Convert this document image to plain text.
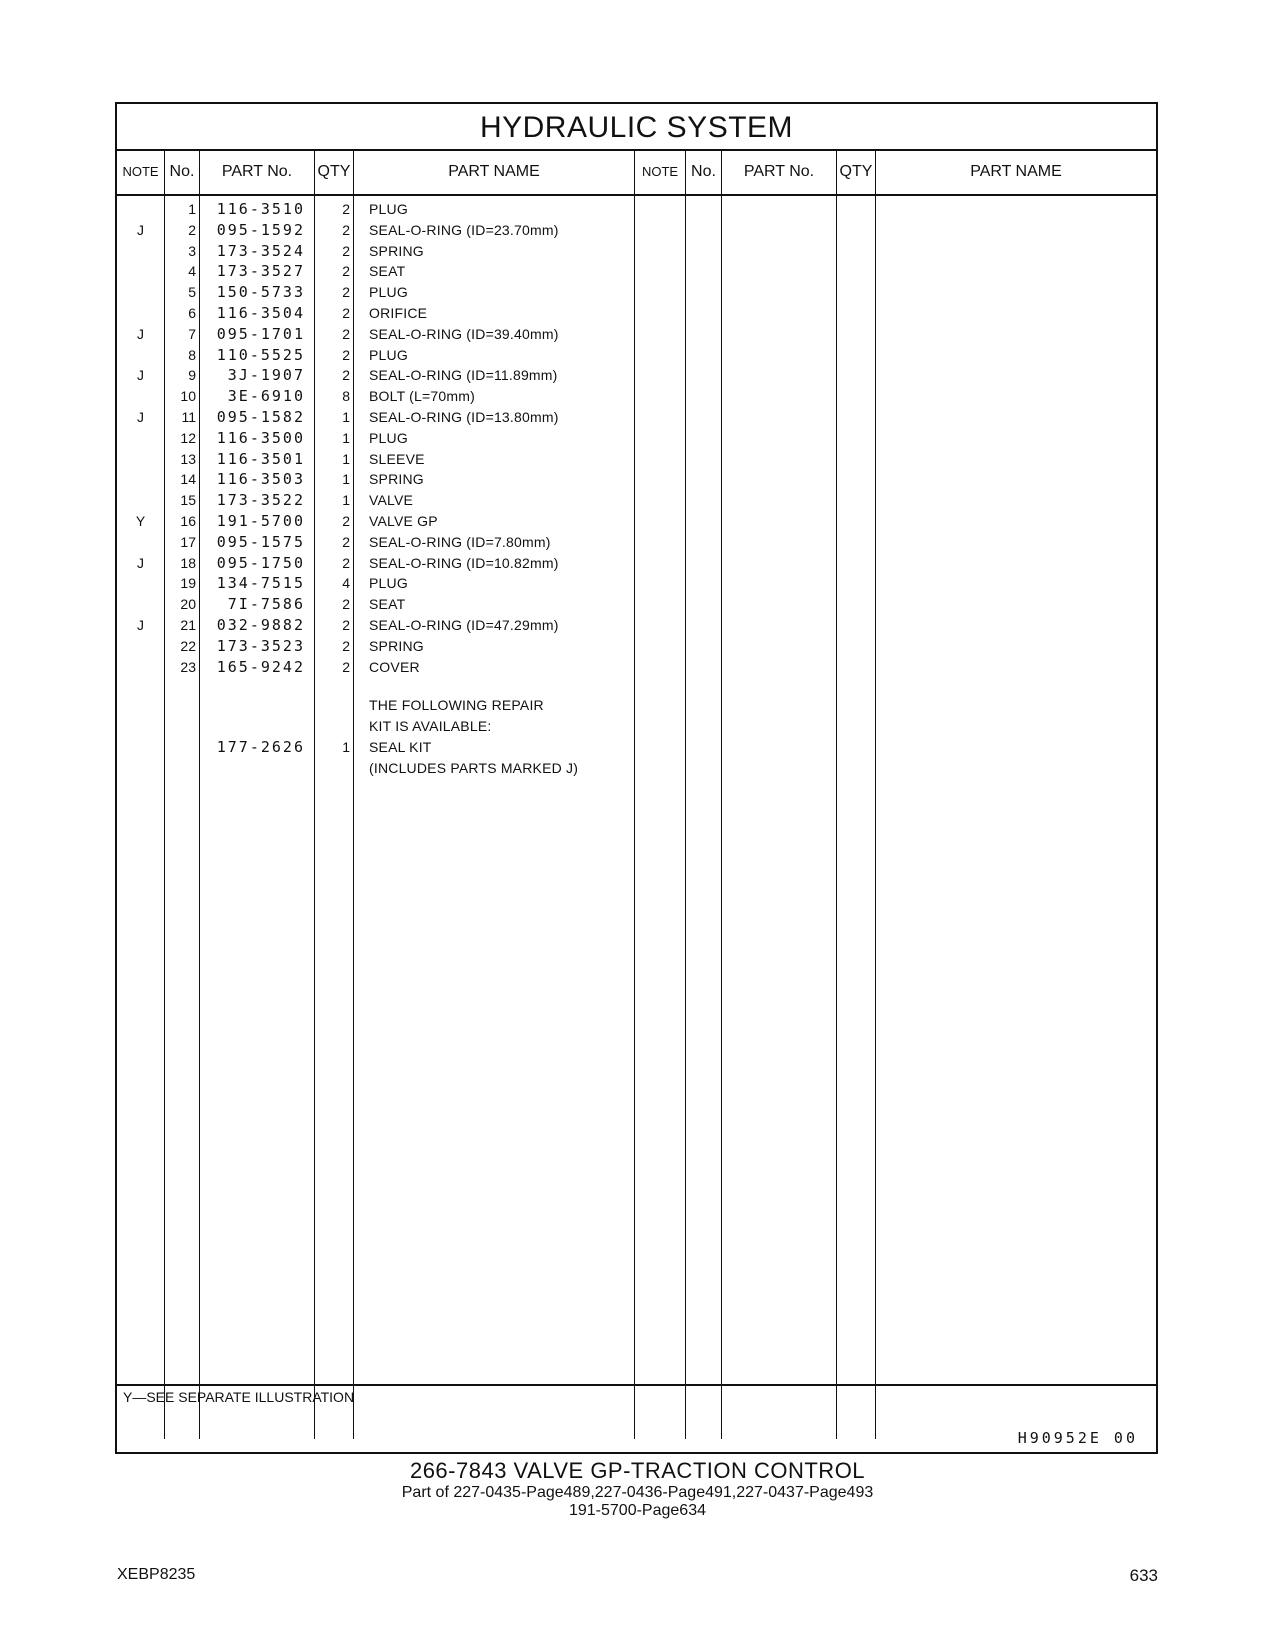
HYDRAULIC SYSTEM
NOTE No.	PART No.	QTY	PART NAME	NOTE No.	PART No.	QTY	PART NAME
1	116-3510	2 PLUG
J	2	095-1592	2 SEAL-O-RING (ID=23.70mm)
3	173-3524	2 SPRING
4	173-3527	2 SEAT
5	150-5733	2 PLUG
6	116-3504	2 ORIFICE
J	7	095-1701	2 SEAL-O-RING (ID=39.40mm)
8	110-5525	2 PLUG
J	9	3J-1907	2 SEAL-O-RING (ID=11.89mm)
10	3E-6910	8 BOLT (L=70mm)
J	11	095-1582	1 SEAL-O-RING (ID=13.80mm)
12	116-3500	1 PLUG
13	116-3501	1 SLEEVE
14	116-3503	1 SPRING
15	173-3522	1 VALVE
Y	16	191-5700	2 VALVE GP
17	095-1575	2 SEAL-O-RING (ID=7.80mm)
J	18	095-1750	2 SEAL-O-RING (ID=10.82mm)
19	134-7515	4 PLUG
20	7I-7586	2 SEAT
J	21	032-9882	2 SEAL-O-RING (ID=47.29mm)
22	173-3523	2 SPRING
23	165-9242	2 COVER
THE FOLLOWING REPAIR
KIT IS AVAILABLE:
177-2626	1 SEAL KIT
(INCLUDES PARTS MARKED J)
Y—SEE SEPARATE ILLUSTRATION
H90952E 00
266-7843 VALVE GP-TRACTION CONTROL
Part of 227-0435-Page489,227-0436-Page491,227-0437-Page493
191-5700-Page634
XEBP8235	633
